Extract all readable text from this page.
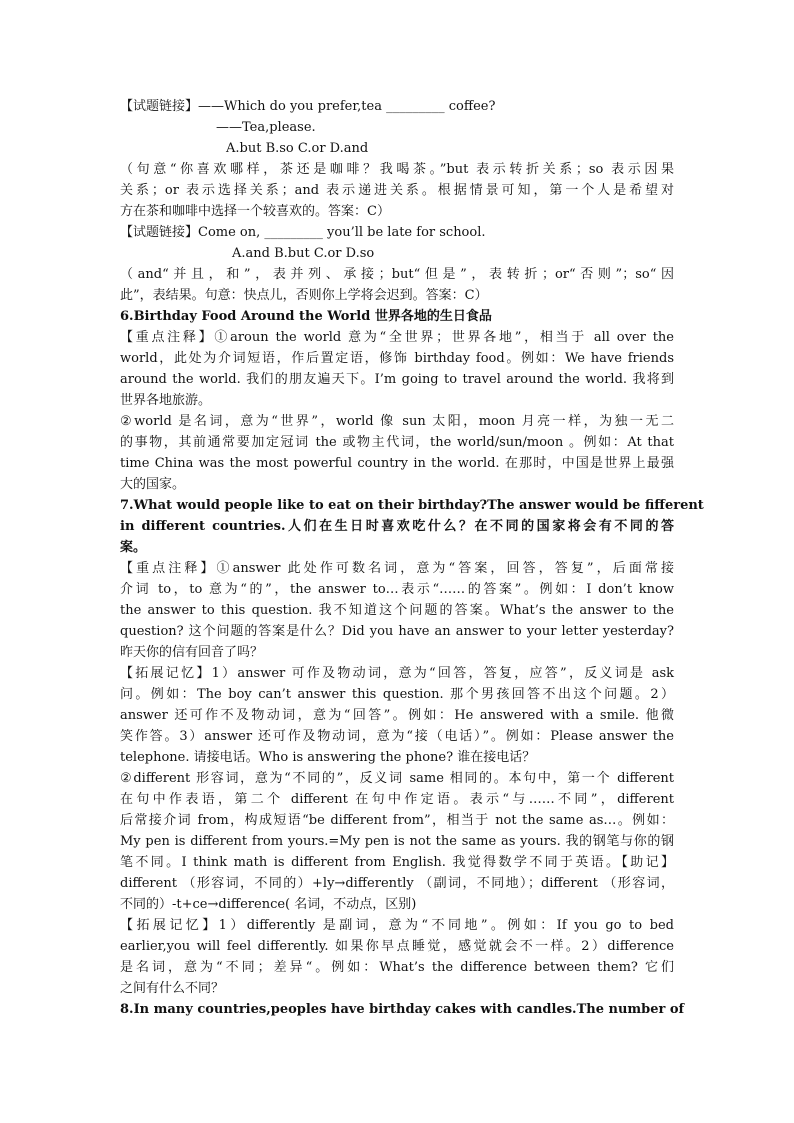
【试题链接】——Which do you prefer,tea _________ coffee?

——Tea,please.

A.but B.so C.or D.and

（句意“你喜欢哪样，茶还是咖啡？我喝茶。”but 表示转折关系；so 表示因果

关系；or 表示选择关系；and 表示递进关系。根据情景可知，第一个人是希望对

方在茶和咖啡中选择一个较喜欢的。答案：C）

【试题链接】Come on, _________ you’ll be late for school.

A.and B.but C.or D.so

（and“并且，和”，表并列、承接；but“但是”，表转折；or“否则”；so“因

此”，表结果。句意：快点儿，否则你上学将会迟到。答案：C）

6.Birthday Food Around the World 世界各地的生日食品

【重点注释】①aroun the world 意为“全世界；世界各地”，相当于 all over the

world，此处为介词短语，作后置定语，修饰 birthday food。例如：We have friends

around the world. 我们的朋友遍天下。I’m going to travel around the world. 我将到

世界各地旅游。

②world 是名词，意为“世界”，world 像 sun 太阳，moon 月亮一样，为独一无二

的事物，其前通常要加定冠词 the 或物主代词，the world/sun/moon 。例如：At that

time China was the most powerful country in the world. 在那时，中国是世界上最强

大的国家。

7.What would people like to eat on their birthday?The answer would be fifferent

in different countries.人们在生日时喜欢吃什么？在不同的国家将会有不同的答

案。

【重点注释】①answer 此处作可数名词，意为“答案，回答，答复”，后面常接

介词 to，to 意为“的”，the answer to…表示“……的答案”。例如：I don’t know

the answer to this question. 我不知道这个问题的答案。What’s the answer to the

question? 这个问题的答案是什么？Did you have an answer to your letter yesterday?

昨天你的信有回音了吗？

【拓展记忆】1）answer 可作及物动词，意为“回答，答复，应答”，反义词是 ask

问。例如：The boy can’t answer this question. 那个男孩回答不出这个问题。2）

answer 还可作不及物动词，意为“回答”。例如：He answered with a smile. 他微

笑作答。3）answer 还可作及物动词，意为“接（电话）”。例如：Please answer the

telephone. 请接电话。Who is answering the phone? 谁在接电话？

②different 形容词，意为“不同的”，反义词 same 相同的。本句中，第一个 different

在句中作表语，第二个 different 在句中作定语。表示“与……不同”，different

后常接介词 from，构成短语“be different from”，相当于 not the same as…。例如：

My pen is different from yours.=My pen is not the same as yours. 我的钢笔与你的钢

笔不同。I think math is different from English. 我觉得数学不同于英语。【助记】

different （形容词，不同的）+ly→differently （副词，不同地）；different （形容词，

不同的）-t+ce→difference( 名词，不动点，区别)

【拓展记忆】1）differently 是副词，意为“不同地”。例如：If you go to bed

earlier,you will feel differently. 如果你早点睡觉，感觉就会不一样。2）difference

是名词，意为“不同；差异“。例如：What’s the difference between them? 它们

之间有什么不同？

8.In many countries,peoples have birthday cakes with candles.The number of
